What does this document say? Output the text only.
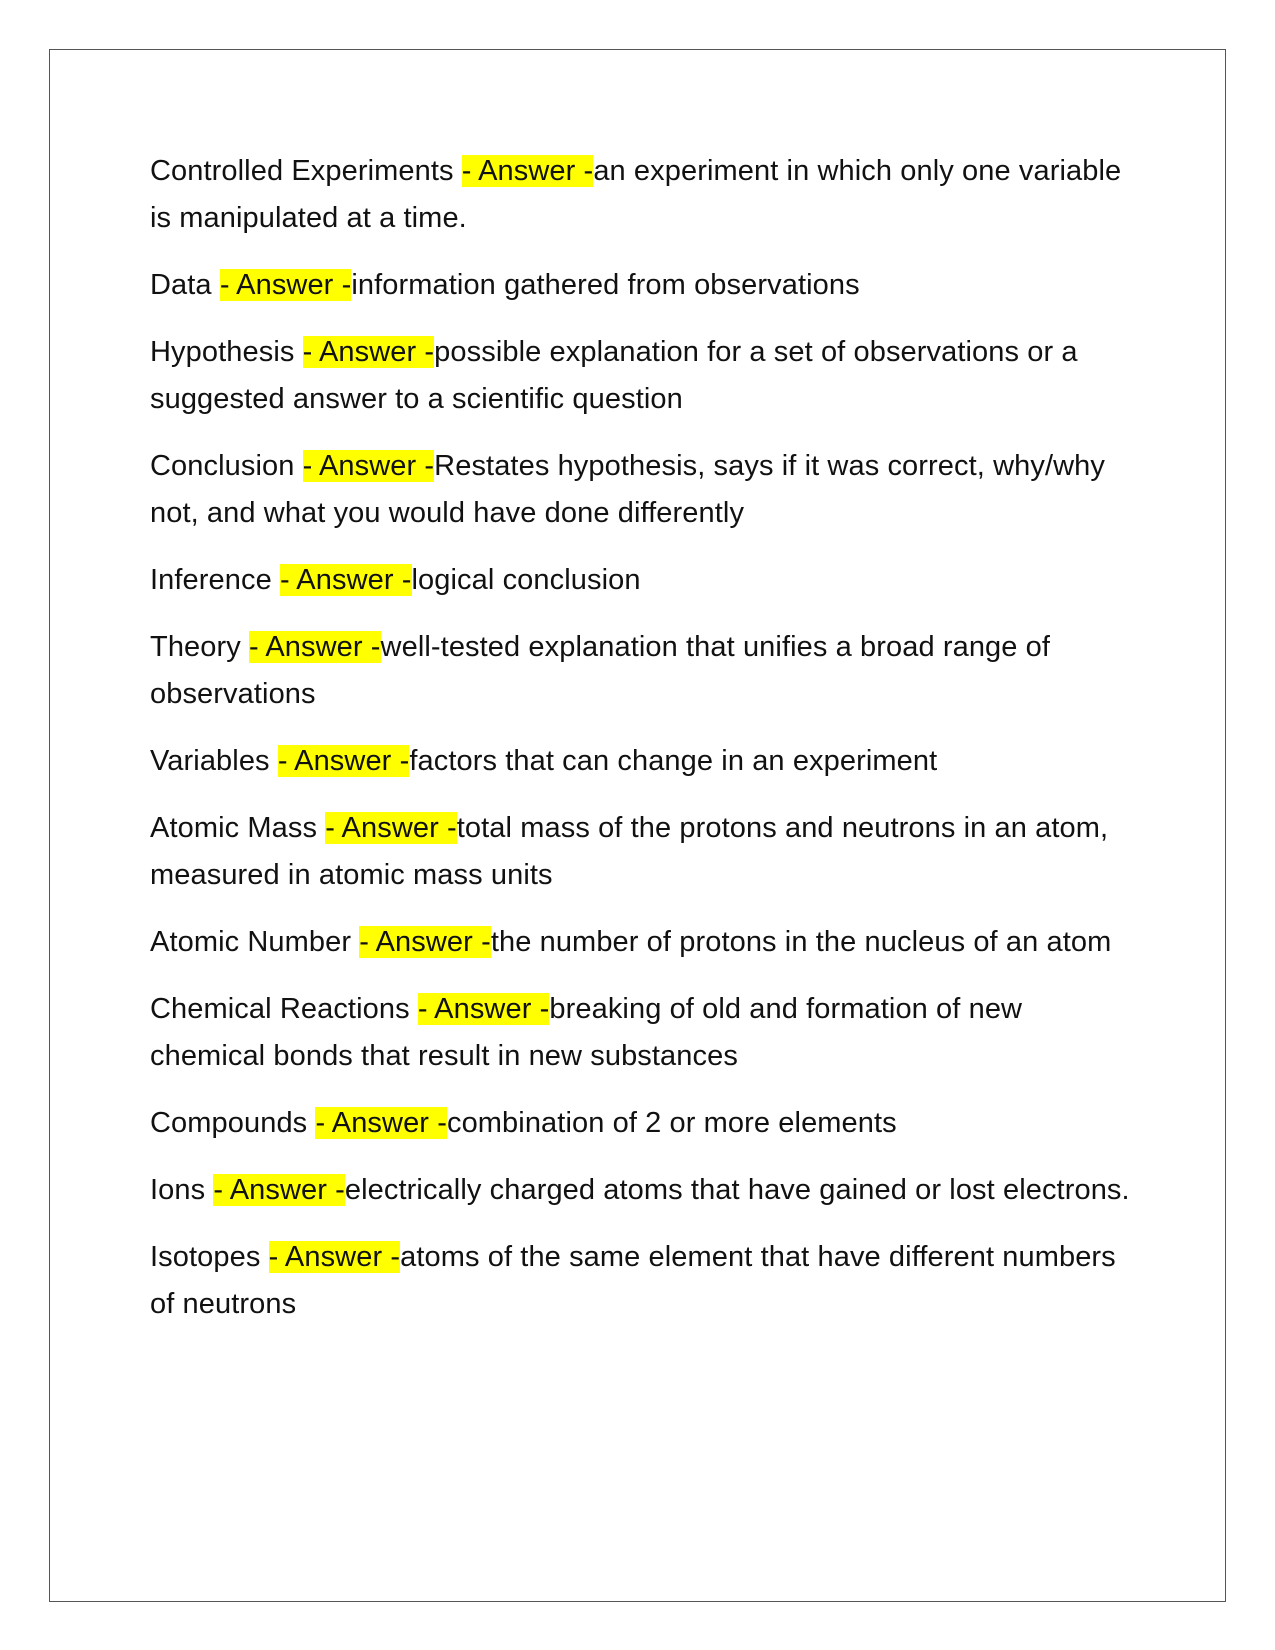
Controlled Experiments - Answer -an experiment in which only one variable is manipulated at a time.

Data - Answer -information gathered from observations

Hypothesis - Answer -possible explanation for a set of observations or a suggested answer to a scientific question

Conclusion - Answer -Restates hypothesis, says if it was correct, why/why not, and what you would have done differently

Inference - Answer -logical conclusion

Theory - Answer -well-tested explanation that unifies a broad range of observations

Variables - Answer -factors that can change in an experiment

Atomic Mass - Answer -total mass of the protons and neutrons in an atom, measured in atomic mass units

Atomic Number - Answer -the number of protons in the nucleus of an atom

Chemical Reactions - Answer -breaking of old and formation of new chemical bonds that result in new substances

Compounds - Answer -combination of 2 or more elements

Ions - Answer -electrically charged atoms that have gained or lost electrons.

Isotopes - Answer -atoms of the same element that have different numbers of neutrons
